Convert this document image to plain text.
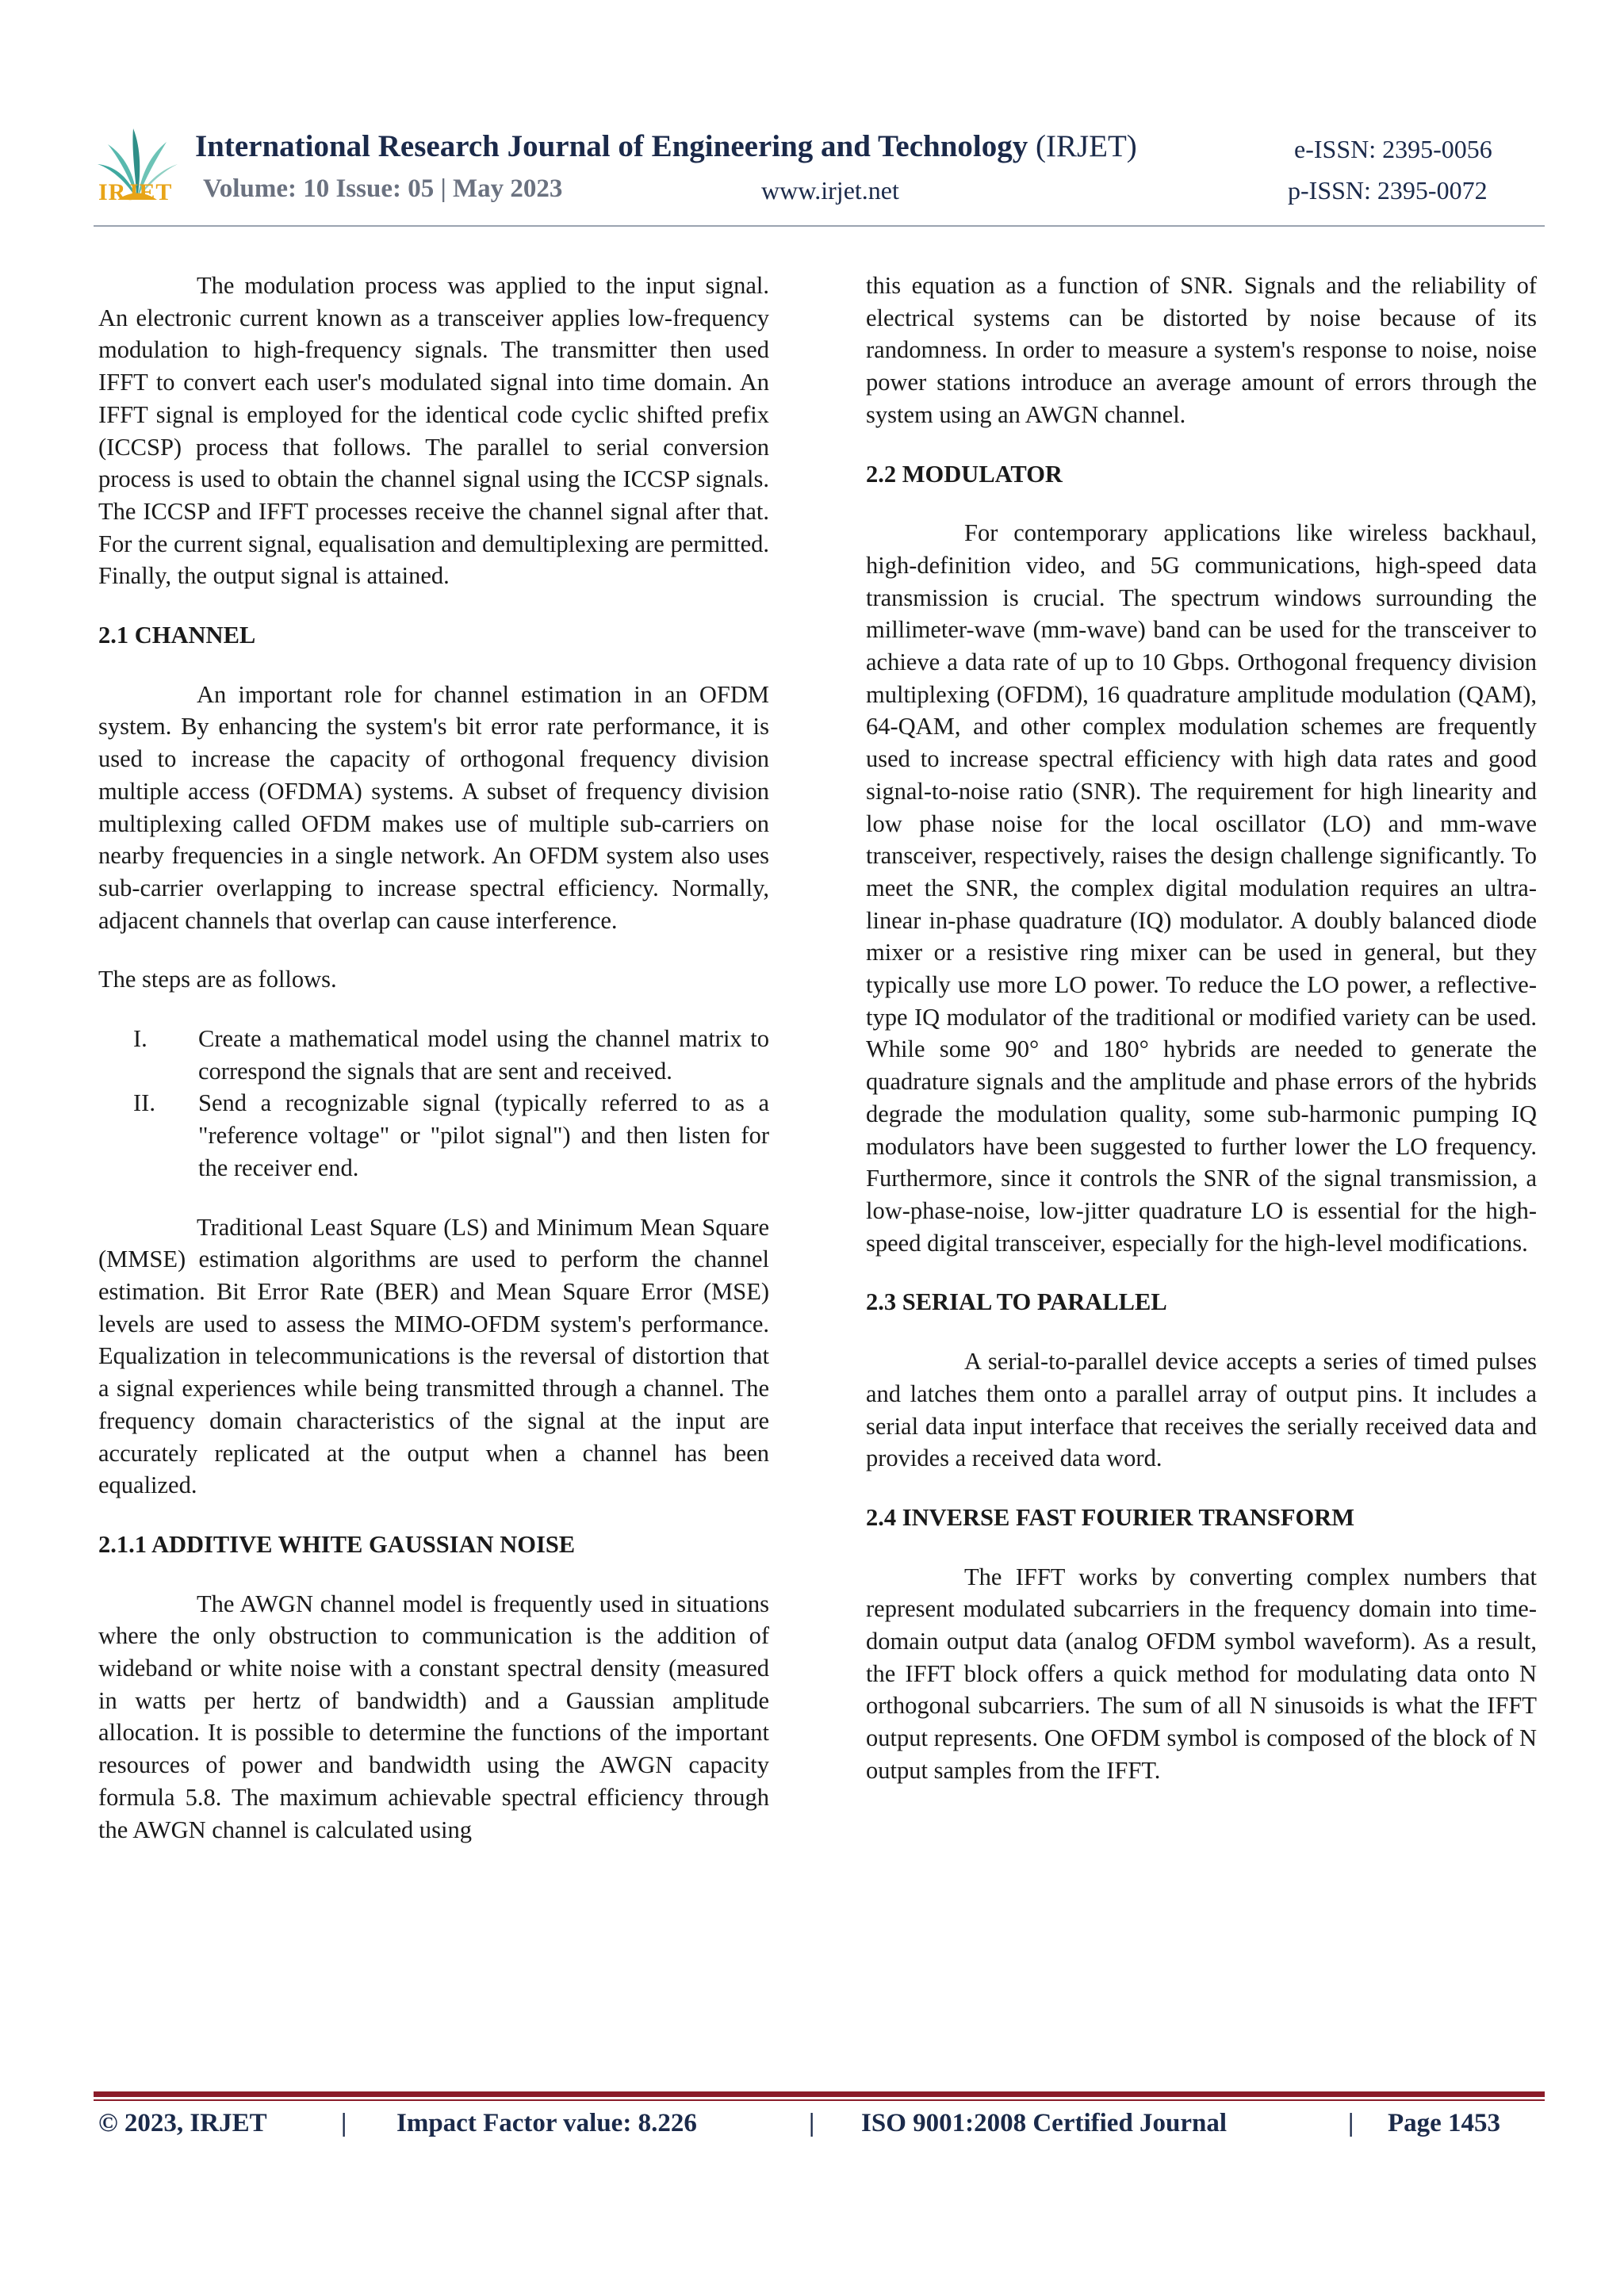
IRJET
International Research Journal of Engineering and Technology (IRJET)	e-ISSN: 2395-0056
Volume: 10 Issue: 05 | May 2023	www.irjet.net	p-ISSN: 2395-0072

The modulation process was applied to the input signal. An electronic current known as a transceiver applies low-frequency modulation to high-frequency signals. The transmitter then used IFFT to convert each user's modulated signal into time domain. An IFFT signal is employed for the identical code cyclic shifted prefix (ICCSP) process that follows. The parallel to serial conversion process is used to obtain the channel signal using the ICCSP signals. The ICCSP and IFFT processes receive the channel signal after that. For the current signal, equalisation and demultiplexing are permitted. Finally, the output signal is attained.

2.1 CHANNEL

An important role for channel estimation in an OFDM system. By enhancing the system's bit error rate performance, it is used to increase the capacity of orthogonal frequency division multiple access (OFDMA) systems. A subset of frequency division multiplexing called OFDM makes use of multiple sub-carriers on nearby frequencies in a single network. An OFDM system also uses sub-carrier overlapping to increase spectral efficiency. Normally, adjacent channels that overlap can cause interference.

The steps are as follows.

I. Create a mathematical model using the channel matrix to correspond the signals that are sent and received.
II. Send a recognizable signal (typically referred to as a "reference voltage" or "pilot signal") and then listen for the receiver end.

Traditional Least Square (LS) and Minimum Mean Square (MMSE) estimation algorithms are used to perform the channel estimation. Bit Error Rate (BER) and Mean Square Error (MSE) levels are used to assess the MIMO-OFDM system's performance. Equalization in telecommunications is the reversal of distortion that a signal experiences while being transmitted through a channel. The frequency domain characteristics of the signal at the input are accurately replicated at the output when a channel has been equalized.

2.1.1 ADDITIVE WHITE GAUSSIAN NOISE

The AWGN channel model is frequently used in situations where the only obstruction to communication is the addition of wideband or white noise with a constant spectral density (measured in watts per hertz of bandwidth) and a Gaussian amplitude allocation. It is possible to determine the functions of the important resources of power and bandwidth using the AWGN capacity formula 5.8. The maximum achievable spectral efficiency through the AWGN channel is calculated using

this equation as a function of SNR. Signals and the reliability of electrical systems can be distorted by noise because of its randomness. In order to measure a system's response to noise, noise power stations introduce an average amount of errors through the system using an AWGN channel.

2.2 MODULATOR

For contemporary applications like wireless backhaul, high-definition video, and 5G communications, high-speed data transmission is crucial. The spectrum windows surrounding the millimeter-wave (mm-wave) band can be used for the transceiver to achieve a data rate of up to 10 Gbps. Orthogonal frequency division multiplexing (OFDM), 16 quadrature amplitude modulation (QAM), 64-QAM, and other complex modulation schemes are frequently used to increase spectral efficiency with high data rates and good signal-to-noise ratio (SNR). The requirement for high linearity and low phase noise for the local oscillator (LO) and mm-wave transceiver, respectively, raises the design challenge significantly. To meet the SNR, the complex digital modulation requires an ultra-linear in-phase quadrature (IQ) modulator. A doubly balanced diode mixer or a resistive ring mixer can be used in general, but they typically use more LO power. To reduce the LO power, a reflective-type IQ modulator of the traditional or modified variety can be used. While some 90° and 180° hybrids are needed to generate the quadrature signals and the amplitude and phase errors of the hybrids degrade the modulation quality, some sub-harmonic pumping IQ modulators have been suggested to further lower the LO frequency. Furthermore, since it controls the SNR of the signal transmission, a low-phase-noise, low-jitter quadrature LO is essential for the high-speed digital transceiver, especially for the high-level modifications.

2.3 SERIAL TO PARALLEL

A serial-to-parallel device accepts a series of timed pulses and latches them onto a parallel array of output pins. It includes a serial data input interface that receives the serially received data and provides a received data word.

2.4 INVERSE FAST FOURIER TRANSFORM

The IFFT works by converting complex numbers that represent modulated subcarriers in the frequency domain into time-domain output data (analog OFDM symbol waveform). As a result, the IFFT block offers a quick method for modulating data onto N orthogonal subcarriers. The sum of all N sinusoids is what the IFFT output represents. One OFDM symbol is composed of the block of N output samples from the IFFT.

© 2023, IRJET	| Impact Factor value: 8.226	| ISO 9001:2008 Certified Journal	| Page 1453
